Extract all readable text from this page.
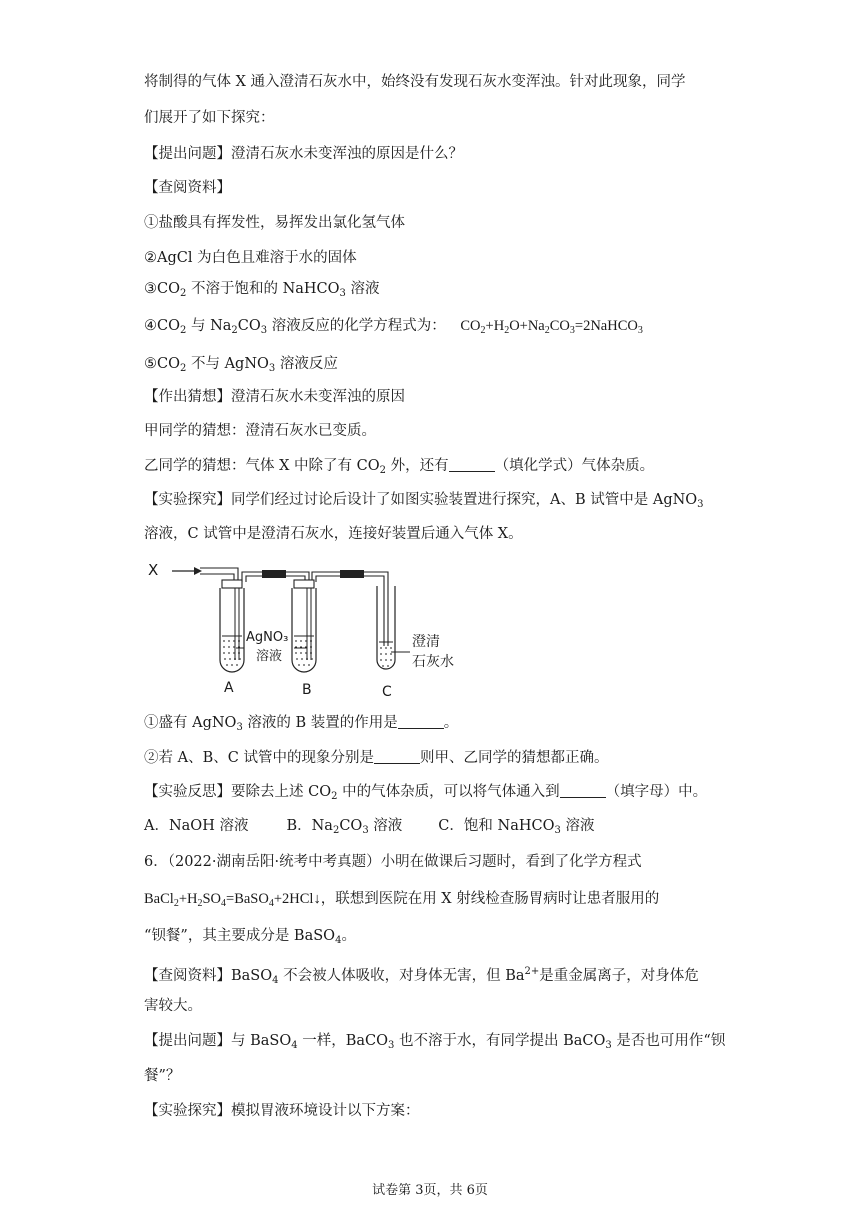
将制得的气体 X 通入澄清石灰水中，始终没有发现石灰水变浑浊。针对此现象，同学
们展开了如下探究：
【提出问题】澄清石灰水未变浑浊的原因是什么？
【查阅资料】
①盐酸具有挥发性，易挥发出氯化氢气体
②AgCl 为白色且难溶于水的固体
$③CO_2$ 不溶于饱和的 NaHCO$_3$ 溶液
$④CO_2$ 与 $Na_2CO_3$ 溶液反应的化学方程式为： $CO_2+H_2O+Na_2CO_3=2NaHCO_3$
$⑤CO_2$ 不与 AgNO$_3$ 溶液反应
【作出猜想】澄清石灰水未变浑浊的原因
甲同学的猜想：澄清石灰水已变质。
乙同学的猜想：气体 X 中除了有 $CO_2$ 外，还有	（填化学式）气体杂质。
【实验探究】同学们经过讨论后设计了如图实验装置进行探究，A、B 试管中是 AgNO$_3$
溶液，C 试管中是澄清石灰水，连接好装置后通入气体 X。
X
AgNO₃
溶液
澄清
石灰水
A	B	C
①盛有 AgNO$_3$ 溶液的 B 装置的作用是	。
②若 A、B、C 试管中的现象分别是	则甲、乙同学的猜想都正确。
【实验反思】要除去上述 $CO_2$ 中的气体杂质，可以将气体通入到	（填字母）中。
A．NaOH 溶液	B．$Na_2CO_3$ 溶液 C．饱和 NaHCO$_3$ 溶液
6．（2022·湖南岳阳·统考中考真题）小明在做课后习题时，看到了化学方程式
$BaCl_2+H_2SO_4=BaSO_4+2HCl↓$，联想到医院在用 X 射线检查肠胃病时让患者服用的
“钡餐”，其主要成分是 BaSO$_4$。
【查阅资料】BaSO$_4$ 不会被人体吸收，对身体无害，但 $Ba^{2+}$是重金属离子，对身体危
害较大。
【提出问题】与 BaSO$_4$ 一样，BaCO$_3$ 也不溶于水，有同学提出 BaCO$_3$ 是否也可用作“钡
餐”？
【实验探究】模拟胃液环境设计以下方案：
试卷第 3页，共 6页
